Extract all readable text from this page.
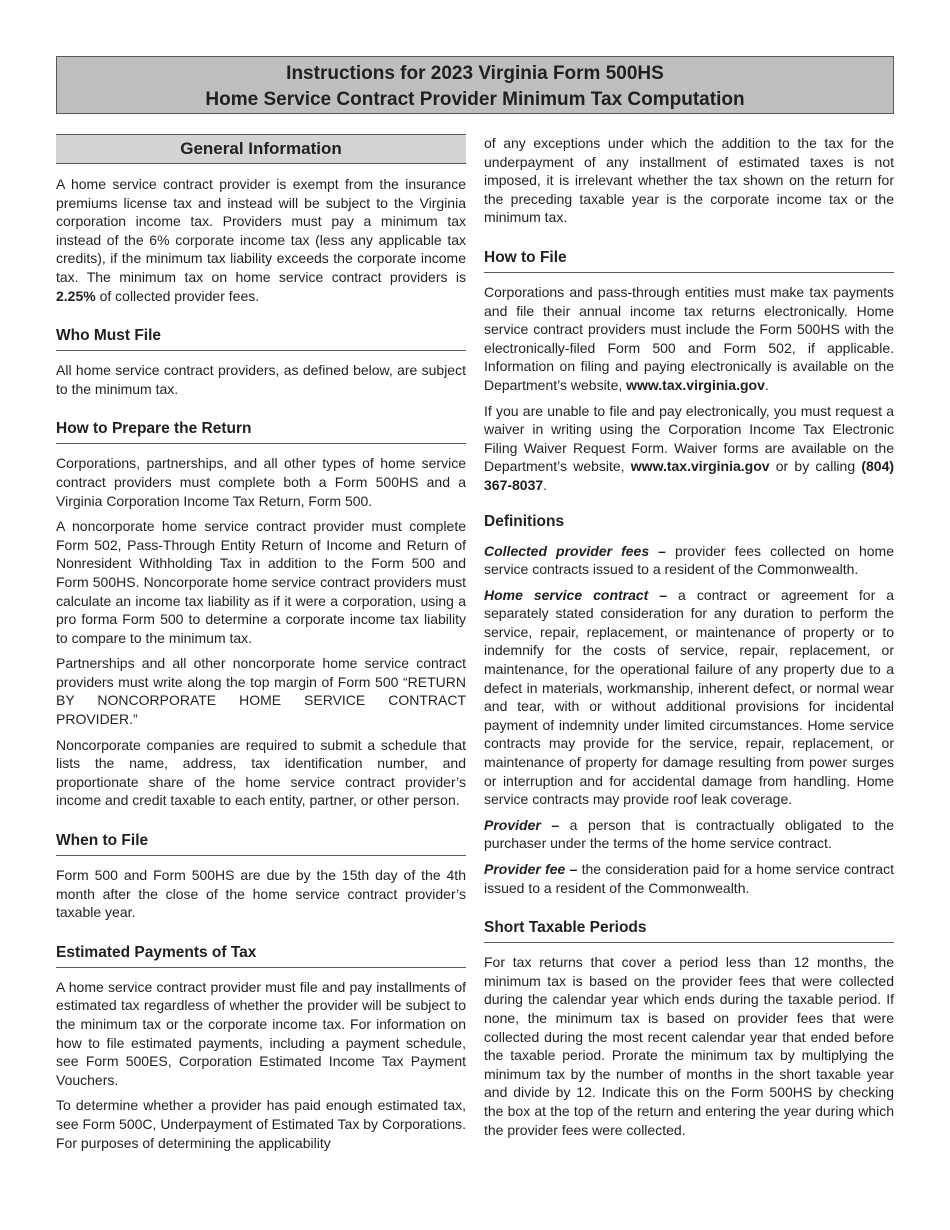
Instructions for 2023 Virginia Form 500HS
Home Service Contract Provider Minimum Tax Computation
General Information

A home service contract provider is exempt from the insurance premiums license tax and instead will be subject to the Virginia corporation income tax. Providers must pay a minimum tax instead of the 6% corporate income tax (less any applicable tax credits), if the minimum tax liability exceeds the corporate income tax. The minimum tax on home service contract providers is 2.25% of collected provider fees.

Who Must File

All home service contract providers, as defined below, are subject to the minimum tax.

How to Prepare the Return

Corporations, partnerships, and all other types of home service contract providers must complete both a Form 500HS and a Virginia Corporation Income Tax Return, Form 500.

A noncorporate home service contract provider must complete Form 502, Pass-Through Entity Return of Income and Return of Nonresident Withholding Tax in addition to the Form 500 and Form 500HS. Noncorporate home service contract providers must calculate an income tax liability as if it were a corporation, using a pro forma Form 500 to determine a corporate income tax liability to compare to the minimum tax.

Partnerships and all other noncorporate home service contract providers must write along the top margin of Form 500 “RETURN BY NONCORPORATE HOME SERVICE CONTRACT PROVIDER.”

Noncorporate companies are required to submit a schedule that lists the name, address, tax identification number, and proportionate share of the home service contract provider’s income and credit taxable to each entity, partner, or other person.

When to File

Form 500 and Form 500HS are due by the 15th day of the 4th month after the close of the home service contract provider’s taxable year.

Estimated Payments of Tax

A home service contract provider must file and pay installments of estimated tax regardless of whether the provider will be subject to the minimum tax or the corporate income tax. For information on how to file estimated payments, including a payment schedule, see Form 500ES, Corporation Estimated Income Tax Payment Vouchers.

To determine whether a provider has paid enough estimated tax, see Form 500C, Underpayment of Estimated Tax by Corporations. For purposes of determining the applicability

of any exceptions under which the addition to the tax for the underpayment of any installment of estimated taxes is not imposed, it is irrelevant whether the tax shown on the return for the preceding taxable year is the corporate income tax or the minimum tax.

How to File

Corporations and pass-through entities must make tax payments and file their annual income tax returns electronically. Home service contract providers must include the Form 500HS with the electronically-filed Form 500 and Form 502, if applicable. Information on filing and paying electronically is available on the Department’s website, www.tax.virginia.gov.

If you are unable to file and pay electronically, you must request a waiver in writing using the Corporation Income Tax Electronic Filing Waiver Request Form. Waiver forms are available on the Department’s website, www.tax.virginia.gov or by calling (804) 367-8037.

Definitions

Collected provider fees – provider fees collected on home service contracts issued to a resident of the Commonwealth.

Home service contract – a contract or agreement for a separately stated consideration for any duration to perform the service, repair, replacement, or maintenance of property or to indemnify for the costs of service, repair, replacement, or maintenance, for the operational failure of any property due to a defect in materials, workmanship, inherent defect, or normal wear and tear, with or without additional provisions for incidental payment of indemnity under limited circumstances. Home service contracts may provide for the service, repair, replacement, or maintenance of property for damage resulting from power surges or interruption and for accidental damage from handling. Home service contracts may provide roof leak coverage.

Provider – a person that is contractually obligated to the purchaser under the terms of the home service contract.

Provider fee – the consideration paid for a home service contract issued to a resident of the Commonwealth.

Short Taxable Periods

For tax returns that cover a period less than 12 months, the minimum tax is based on the provider fees that were collected during the calendar year which ends during the taxable period. If none, the minimum tax is based on provider fees that were collected during the most recent calendar year that ended before the taxable period. Prorate the minimum tax by multiplying the minimum tax by the number of months in the short taxable year and divide by 12. Indicate this on the Form 500HS by checking the box at the top of the return and entering the year during which the provider fees were collected.
